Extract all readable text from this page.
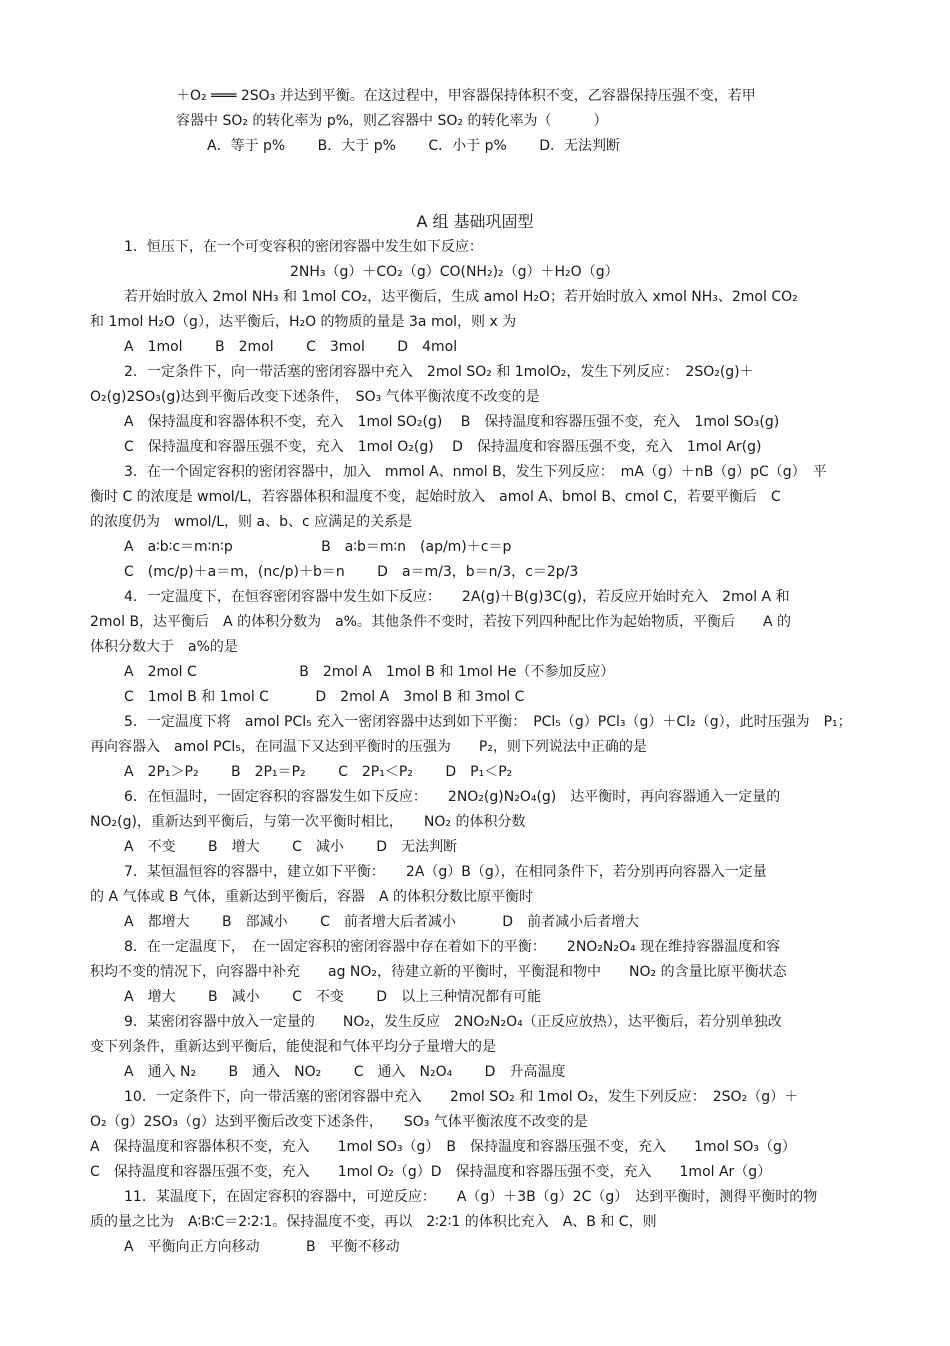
＋O₂ ═══ 2SO₃ 并达到平衡。在这过程中，甲容器保持体积不变，乙容器保持压强不变，若甲
容器中 SO₂ 的转化率为 p%，则乙容器中 SO₂ 的转化率为（　　　）
A．等于 p%　　 B．大于 p%　　 C．小于 p%　　 D．无法判断
A 组 基础巩固型
1．恒压下，在一个可变容积的密闭容器中发生如下反应：
2NH₃（g）＋CO₂（g）CO(NH₂)₂（g）＋H₂O（g）
若开始时放入 2mol NH₃ 和 1mol CO₂，达平衡后，生成 amol H₂O；若开始时放入 xmol NH₃、2mol CO₂
和 1mol H₂O（g），达平衡后，H₂O 的物质的量是 3a mol，则 x 为
A　1mol　　 B　2mol　　 C　3mol　　 D　4mol
2．一定条件下，向一带活塞的密闭容器中充入　2mol SO₂ 和 1molO₂，发生下列反应：　2SO₂(g)＋
O₂(g)2SO₃(g)达到平衡后改变下述条件，　SO₃ 气体平衡浓度不改变的是
A　保持温度和容器体积不变，充入　1mol SO₂(g)　 B　保持温度和容器压强不变，充入　1mol SO₃(g)
C　保持温度和容器压强不变，充入　1mol O₂(g)　 D　保持温度和容器压强不变，充入　1mol Ar(g)
3．在一个固定容积的密闭容器中，加入　mmol A、nmol B，发生下列反应：　mA（g）＋nB（g）pC（g）　平
衡时 C 的浓度是 wmol/L，若容器体积和温度不变，起始时放入　amol A、bmol B、cmol C，若要平衡后　C
的浓度仍为　wmol/L，则 a、b、c 应满足的关系是
A　a∶b∶c＝m∶n∶p　　　　　　 B　a∶b＝m∶n　(ap/m)＋c＝p
C　(mc/p)＋a＝m，(nc/p)＋b＝n　　 D　a＝m/3，b＝n/3，c＝2p/3
4．一定温度下，在恒容密闭容器中发生如下反应：　　2A(g)＋B(g)3C(g)，若反应开始时充入　2mol A 和
2mol B，达平衡后　A 的体积分数为　a%。其他条件不变时，若按下列四种配比作为起始物质，平衡后　　A 的
体积分数大于　a%的是
A　2mol C　　　　　　　 B　2mol A　1mol B 和 1mol He（不参加反应）
C　1mol B 和 1mol C　　　 D　2mol A　3mol B 和 3mol C
5．一定温度下将　amol PCl₅ 充入一密闭容器中达到如下平衡：　PCl₅（g）PCl₃（g）＋Cl₂（g），此时压强为　P₁；
再向容器入　amol PCl₅，在同温下又达到平衡时的压强为　　P₂，则下列说法中正确的是
A　2P₁＞P₂　　 B　2P₁＝P₂　　 C　2P₁＜P₂　　 D　P₁＜P₂
6．在恒温时，一固定容积的容器发生如下反应：　　2NO₂(g)N₂O₄(g)　达平衡时，再向容器通入一定量的
NO₂(g)，重新达到平衡后，与第一次平衡时相比，　　NO₂ 的体积分数
A　不变　　 B　增大　　 C　减小　　 D　无法判断
7．某恒温恒容的容器中，建立如下平衡：　　2A（g）B（g），在相同条件下，若分别再向容器入一定量
的 A 气体或 B 气体，重新达到平衡后，容器　A 的体积分数比原平衡时
A　都增大　　 B　部减小　　 C　前者增大后者减小　　　 D　前者减小后者增大
8．在一定温度下，　在一固定容积的密闭容器中存在着如下的平衡：　　2NO₂N₂O₄ 现在维持容器温度和容
积均不变的情况下，向容器中补充　　ag NO₂，待建立新的平衡时，平衡混和物中　　NO₂ 的含量比原平衡状态
A　增大　　 B　减小　　 C　不变　　 D　以上三种情况都有可能
9．某密闭容器中放入一定量的　　NO₂，发生反应　2NO₂N₂O₄（正反应放热），达平衡后，若分别单独改
变下列条件，重新达到平衡后，能使混和气体平均分子量增大的是
A　通入 N₂　　 B　通入　NO₂　　 C　通入　N₂O₄　　 D　升高温度
10．一定条件下，向一带活塞的密闭容器中充入　　2mol SO₂ 和 1mol O₂，发生下列反应：　2SO₂（g）＋
O₂（g）2SO₃（g）达到平衡后改变下述条件，　　SO₃ 气体平衡浓度不改变的是
A　保持温度和容器体积不变，充入　　1mol SO₃（g）　B　保持温度和容器压强不变，充入　　1mol SO₃（g）
C　保持温度和容器压强不变，充入　　1mol O₂（g）D　保持温度和容器压强不变，充入　　1mol Ar（g）
11．某温度下，在固定容积的容器中，可逆反应：　　A（g）＋3B（g）2C（g）　达到平衡时，测得平衡时的物
质的量之比为　A∶B∶C＝2∶2∶1。保持温度不变，再以　2∶2∶1 的体积比充入　A、B 和 C，则
A　平衡向正方向移动　　　 B　平衡不移动
